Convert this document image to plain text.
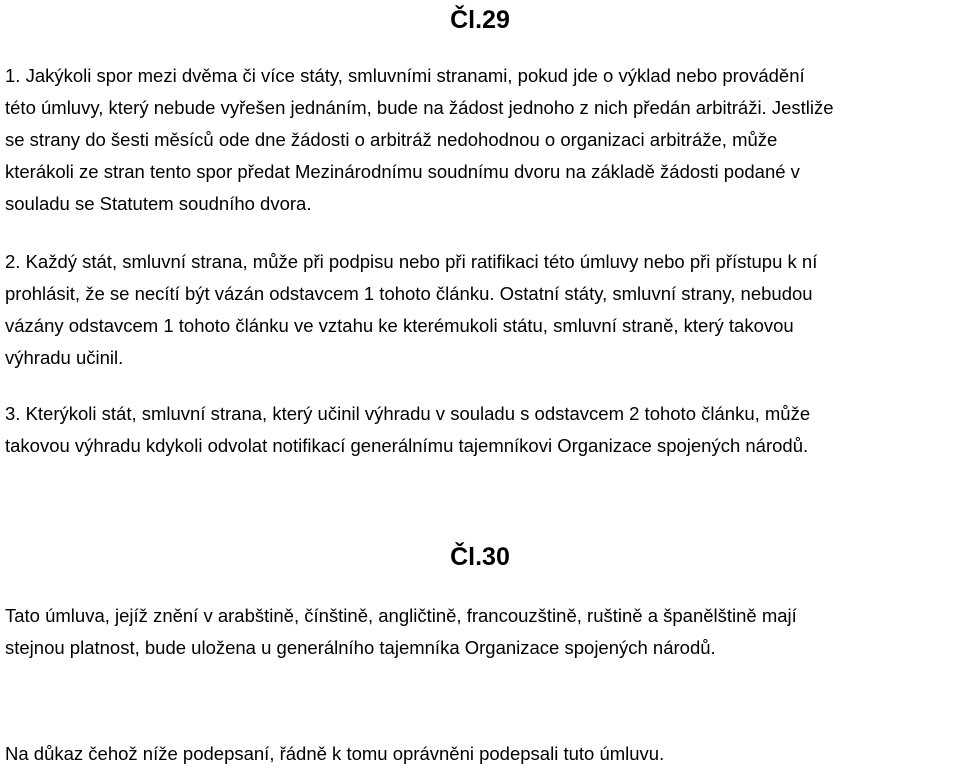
Čl.29
1. Jakýkoli spor mezi dvěma či více státy, smluvními stranami, pokud jde o výklad nebo provádění
této úmluvy, který nebude vyřešen jednáním, bude na žádost jednoho z nich předán arbitráži. Jestliže
se strany do šesti měsíců ode dne žádosti o arbitráž nedohodnou o organizaci arbitráže, může
kterákoli ze stran tento spor předat Mezinárodnímu soudnímu dvoru na základě žádosti podané v
souladu se Statutem soudního dvora.
2. Každý stát, smluvní strana, může při podpisu nebo při ratifikaci této úmluvy nebo při přístupu k ní
prohlásit, že se necítí být vázán odstavcem 1 tohoto článku. Ostatní státy, smluvní strany, nebudou
vázány odstavcem 1 tohoto článku ve vztahu ke kterémukoli státu, smluvní straně, který takovou
výhradu učinil.
3. Kterýkoli stát, smluvní strana, který učinil výhradu v souladu s odstavcem 2 tohoto článku, může
takovou výhradu kdykoli odvolat notifikací generálnímu tajemníkovi Organizace spojených národů.
Čl.30
Tato úmluva, jejíž znění v arabštině, čínštině, angličtině, francouzštině, ruštině a španělštině mají
stejnou platnost, bude uložena u generálního tajemníka Organizace spojených národů.
Na důkaz čehož níže podepsaní, řádně k tomu oprávněni podepsali tuto úmluvu.
